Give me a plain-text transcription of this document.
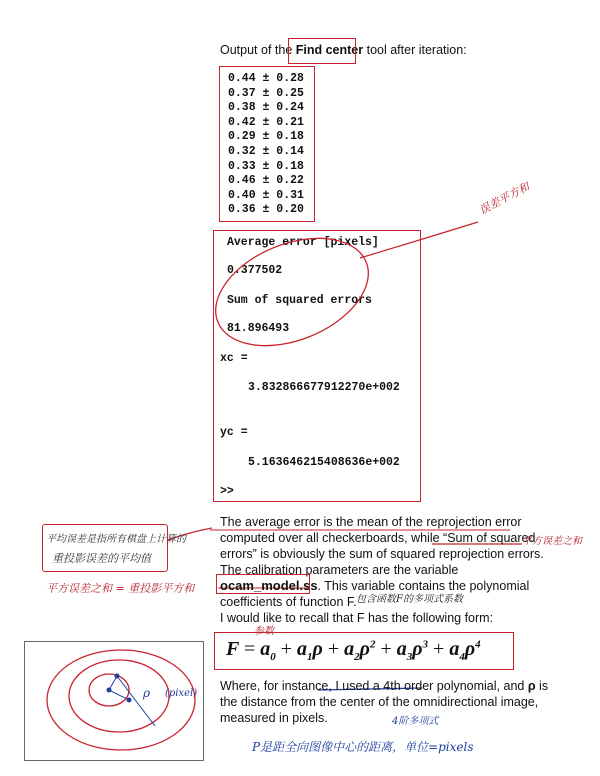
Output of the Find center tool after iteration:
0.44 ± 0.28
0.37 ± 0.25
0.38 ± 0.24
0.42 ± 0.21
0.29 ± 0.18
0.32 ± 0.14
0.33 ± 0.18
0.46 ± 0.22
0.40 ± 0.31
0.36 ± 0.20
Average error [pixels]
0.377502
Sum of squared errors
81.896493
xc =
3.832866677912270e+002
yc =
5.163646215408636e+002
>>
误差平方和
平均误差是指所有棋盘上计算的
重投影误差的平均值
平方误差之和 = 重投影平方和
The average error is the mean of the reprojection error
computed over all checkerboards, while “Sum of squared
errors” is obviously the sum of squared reprojection errors.
The calibration parameters are the variable
平方误差之和
ocam_model.ss. This variable contains the polynomial
coefficients of function F. 包含函数F的多项式系数
I would like to recall that F has the following form:
参数
$F = a_0 + a_1\rho + a_2\rho^2 + a_3\rho^3 + a_4\rho^4$
Where, for instance, I used a 4th order polynomial, and ρ is
the distance from the center of the omnidirectional image,
measured in pixels.	4阶多项式
P是距全向图像中心的距离，单位=pixels
ρ (pixel)
